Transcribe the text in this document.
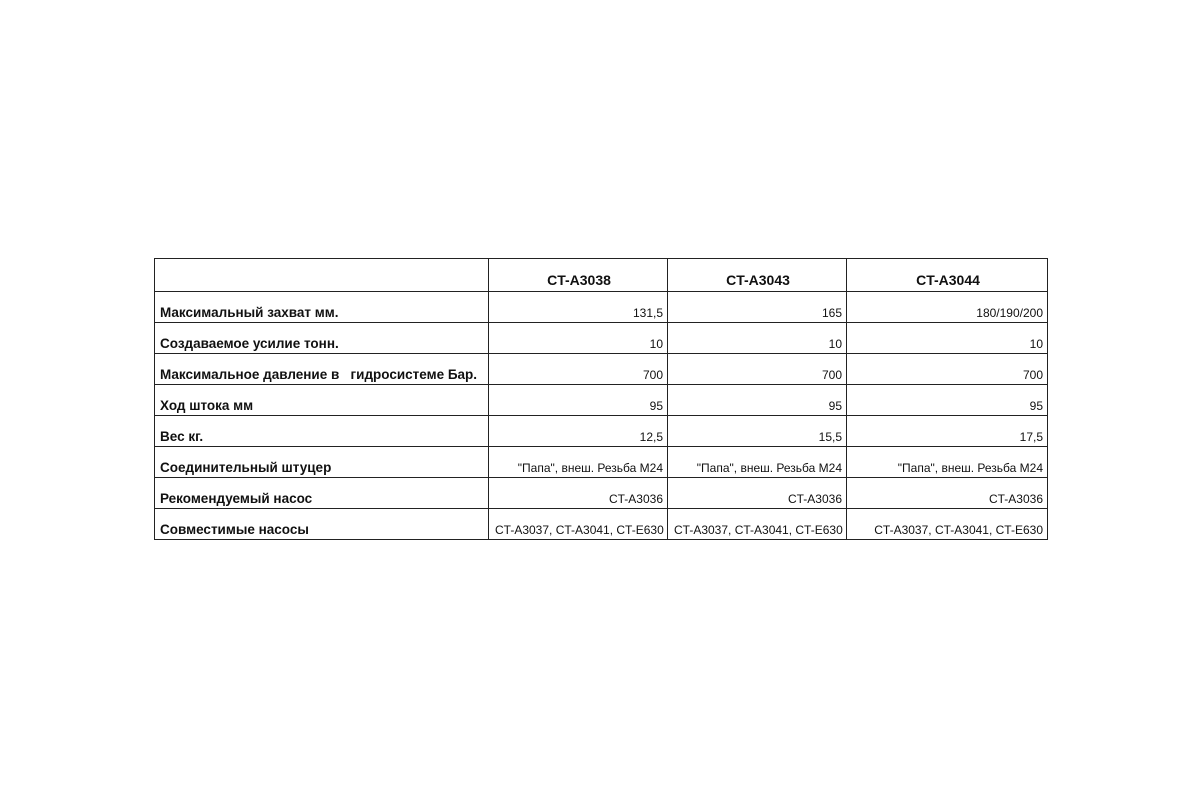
	CT-A3038	CT-A3043	CT-A3044
Максимальный захват мм.	131,5	165	180/190/200
Создаваемое усилие тонн.	10	10	10
Максимальное давление в   гидросистеме Бар.	700	700	700
Ход штока мм	95	95	95
Вес кг.	12,5	15,5	17,5
Соединительный штуцер	"Папа", внеш. Резьба М24	"Папа", внеш. Резьба М24	"Папа", внеш. Резьба М24
Рекомендуемый насос	CT-A3036	CT-A3036	CT-A3036
Совместимые насосы	CT-A3037, CT-A3041, CT-E630	CT-A3037, CT-A3041, CT-E630	CT-A3037, CT-A3041, CT-E630
